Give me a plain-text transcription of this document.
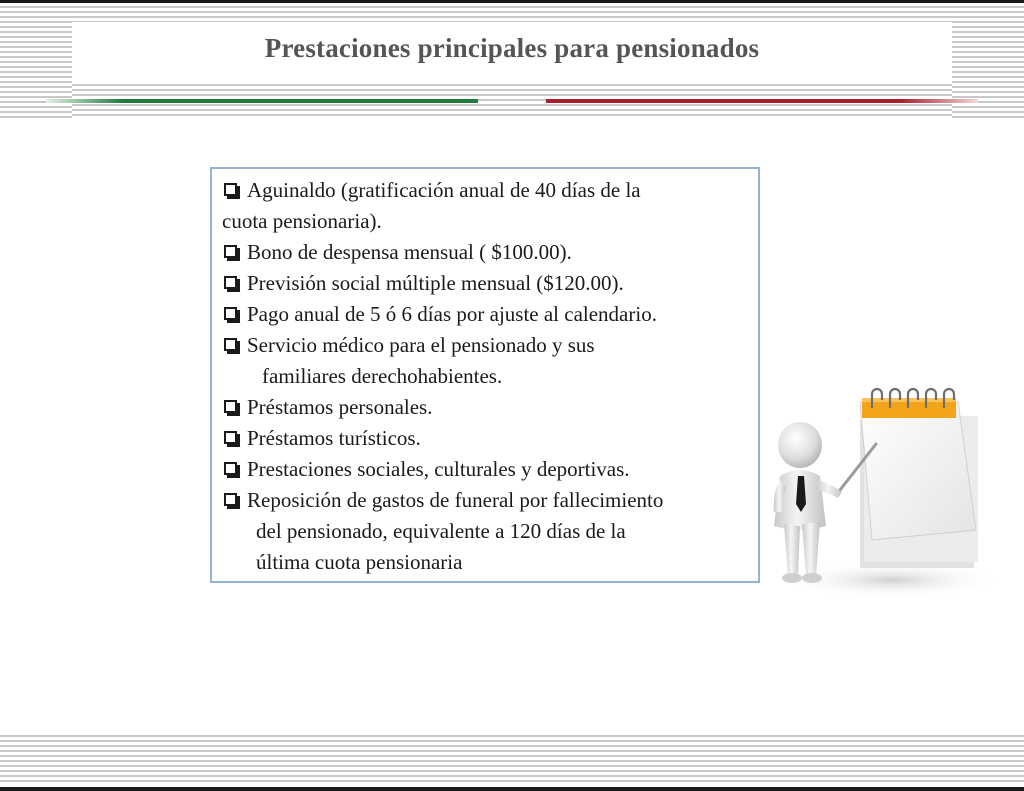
Prestaciones principales para pensionados
Aguinaldo (gratificación anual de 40 días de la
cuota pensionaria).
Bono de despensa mensual ( $100.00).
Previsión social múltiple mensual ($120.00).
Pago anual de 5 ó 6 días por ajuste al calendario.
Servicio médico para el pensionado y sus
familiares derechohabientes.
Préstamos personales.
Préstamos turísticos.
Prestaciones sociales, culturales y deportivas.
Reposición de gastos de funeral por fallecimiento
del pensionado, equivalente a 120 días de la
última cuota pensionaria
